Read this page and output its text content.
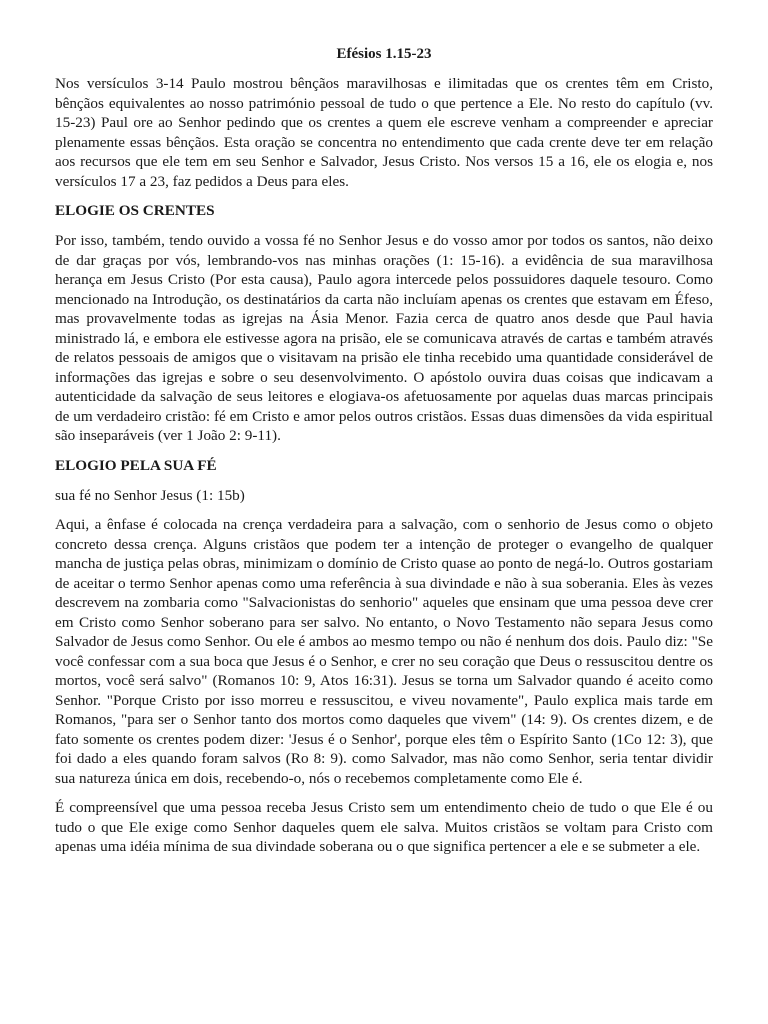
Efésios 1.15-23

Nos versículos 3-14 Paulo mostrou bênçãos maravilhosas e ilimitadas que os crentes têm em Cristo, bênçãos equivalentes ao nosso património pessoal de tudo o que pertence a Ele. No resto do capítulo (vv. 15-23) Paul ore ao Senhor pedindo que os crentes a quem ele escreve venham a compreender e apreciar plenamente essas bênçãos. Esta oração se concentra no entendimento que cada crente deve ter em relação aos recursos que ele tem em seu Senhor e Salvador, Jesus Cristo. Nos versos 15 a 16, ele os elogia e, nos versículos 17 a 23, faz pedidos a Deus para eles.

ELOGIE OS CRENTES

Por isso, também, tendo ouvido a vossa fé no Senhor Jesus e do vosso amor por todos os santos, não deixo de dar graças por vós, lembrando-vos nas minhas orações (1: 15-16). a evidência de sua maravilhosa herança em Jesus Cristo (Por esta causa), Paulo agora intercede pelos possuidores daquele tesouro. Como mencionado na Introdução, os destinatários da carta não incluíam apenas os crentes que estavam em Éfeso, mas provavelmente todas as igrejas na Ásia Menor. Fazia cerca de quatro anos desde que Paul havia ministrado lá, e embora ele estivesse agora na prisão, ele se comunicava através de cartas e também através de relatos pessoais de amigos que o visitavam na prisão ele tinha recebido uma quantidade considerável de informações das igrejas e sobre o seu desenvolvimento. O apóstolo ouvira duas coisas que indicavam a autenticidade da salvação de seus leitores e elogiava-os afetuosamente por aquelas duas marcas principais de um verdadeiro cristão: fé em Cristo e amor pelos outros cristãos. Essas duas dimensões da vida espiritual são inseparáveis (ver 1 João 2: 9-11).

ELOGIO PELA SUA FÉ

sua fé no Senhor Jesus (1: 15b)

Aqui, a ênfase é colocada na crença verdadeira para a salvação, com o senhorio de Jesus como o objeto concreto dessa crença. Alguns cristãos que podem ter a intenção de proteger o evangelho de qualquer mancha de justiça pelas obras, minimizam o domínio de Cristo quase ao ponto de negá-lo. Outros gostariam de aceitar o termo Senhor apenas como uma referência à sua divindade e não à sua soberania. Eles às vezes descrevem na zombaria como "Salvacionistas do senhorio" aqueles que ensinam que uma pessoa deve crer em Cristo como Senhor soberano para ser salvo. No entanto, o Novo Testamento não separa Jesus como Salvador de Jesus como Senhor. Ou ele é ambos ao mesmo tempo ou não é nenhum dos dois. Paulo diz: "Se você confessar com a sua boca que Jesus é o Senhor, e crer no seu coração que Deus o ressuscitou dentre os mortos, você será salvo" (Romanos 10: 9, Atos 16:31). Jesus se torna um Salvador quando é aceito como Senhor. "Porque Cristo por isso morreu e ressuscitou, e viveu novamente", Paulo explica mais tarde em Romanos, "para ser o Senhor tanto dos mortos como daqueles que vivem" (14: 9). Os crentes dizem, e de fato somente os crentes podem dizer: 'Jesus é o Senhor', porque eles têm o Espírito Santo (1Co 12: 3), que foi dado a eles quando foram salvos (Ro 8: 9). como Salvador, mas não como Senhor, seria tentar dividir sua natureza única em dois, recebendo-o, nós o recebemos completamente como Ele é.

É compreensível que uma pessoa receba Jesus Cristo sem um entendimento cheio de tudo o que Ele é ou tudo o que Ele exige como Senhor daqueles quem ele salva. Muitos cristãos se voltam para Cristo com apenas uma idéia mínima de sua divindade soberana ou o que significa pertencer a ele e se submeter a ele.
